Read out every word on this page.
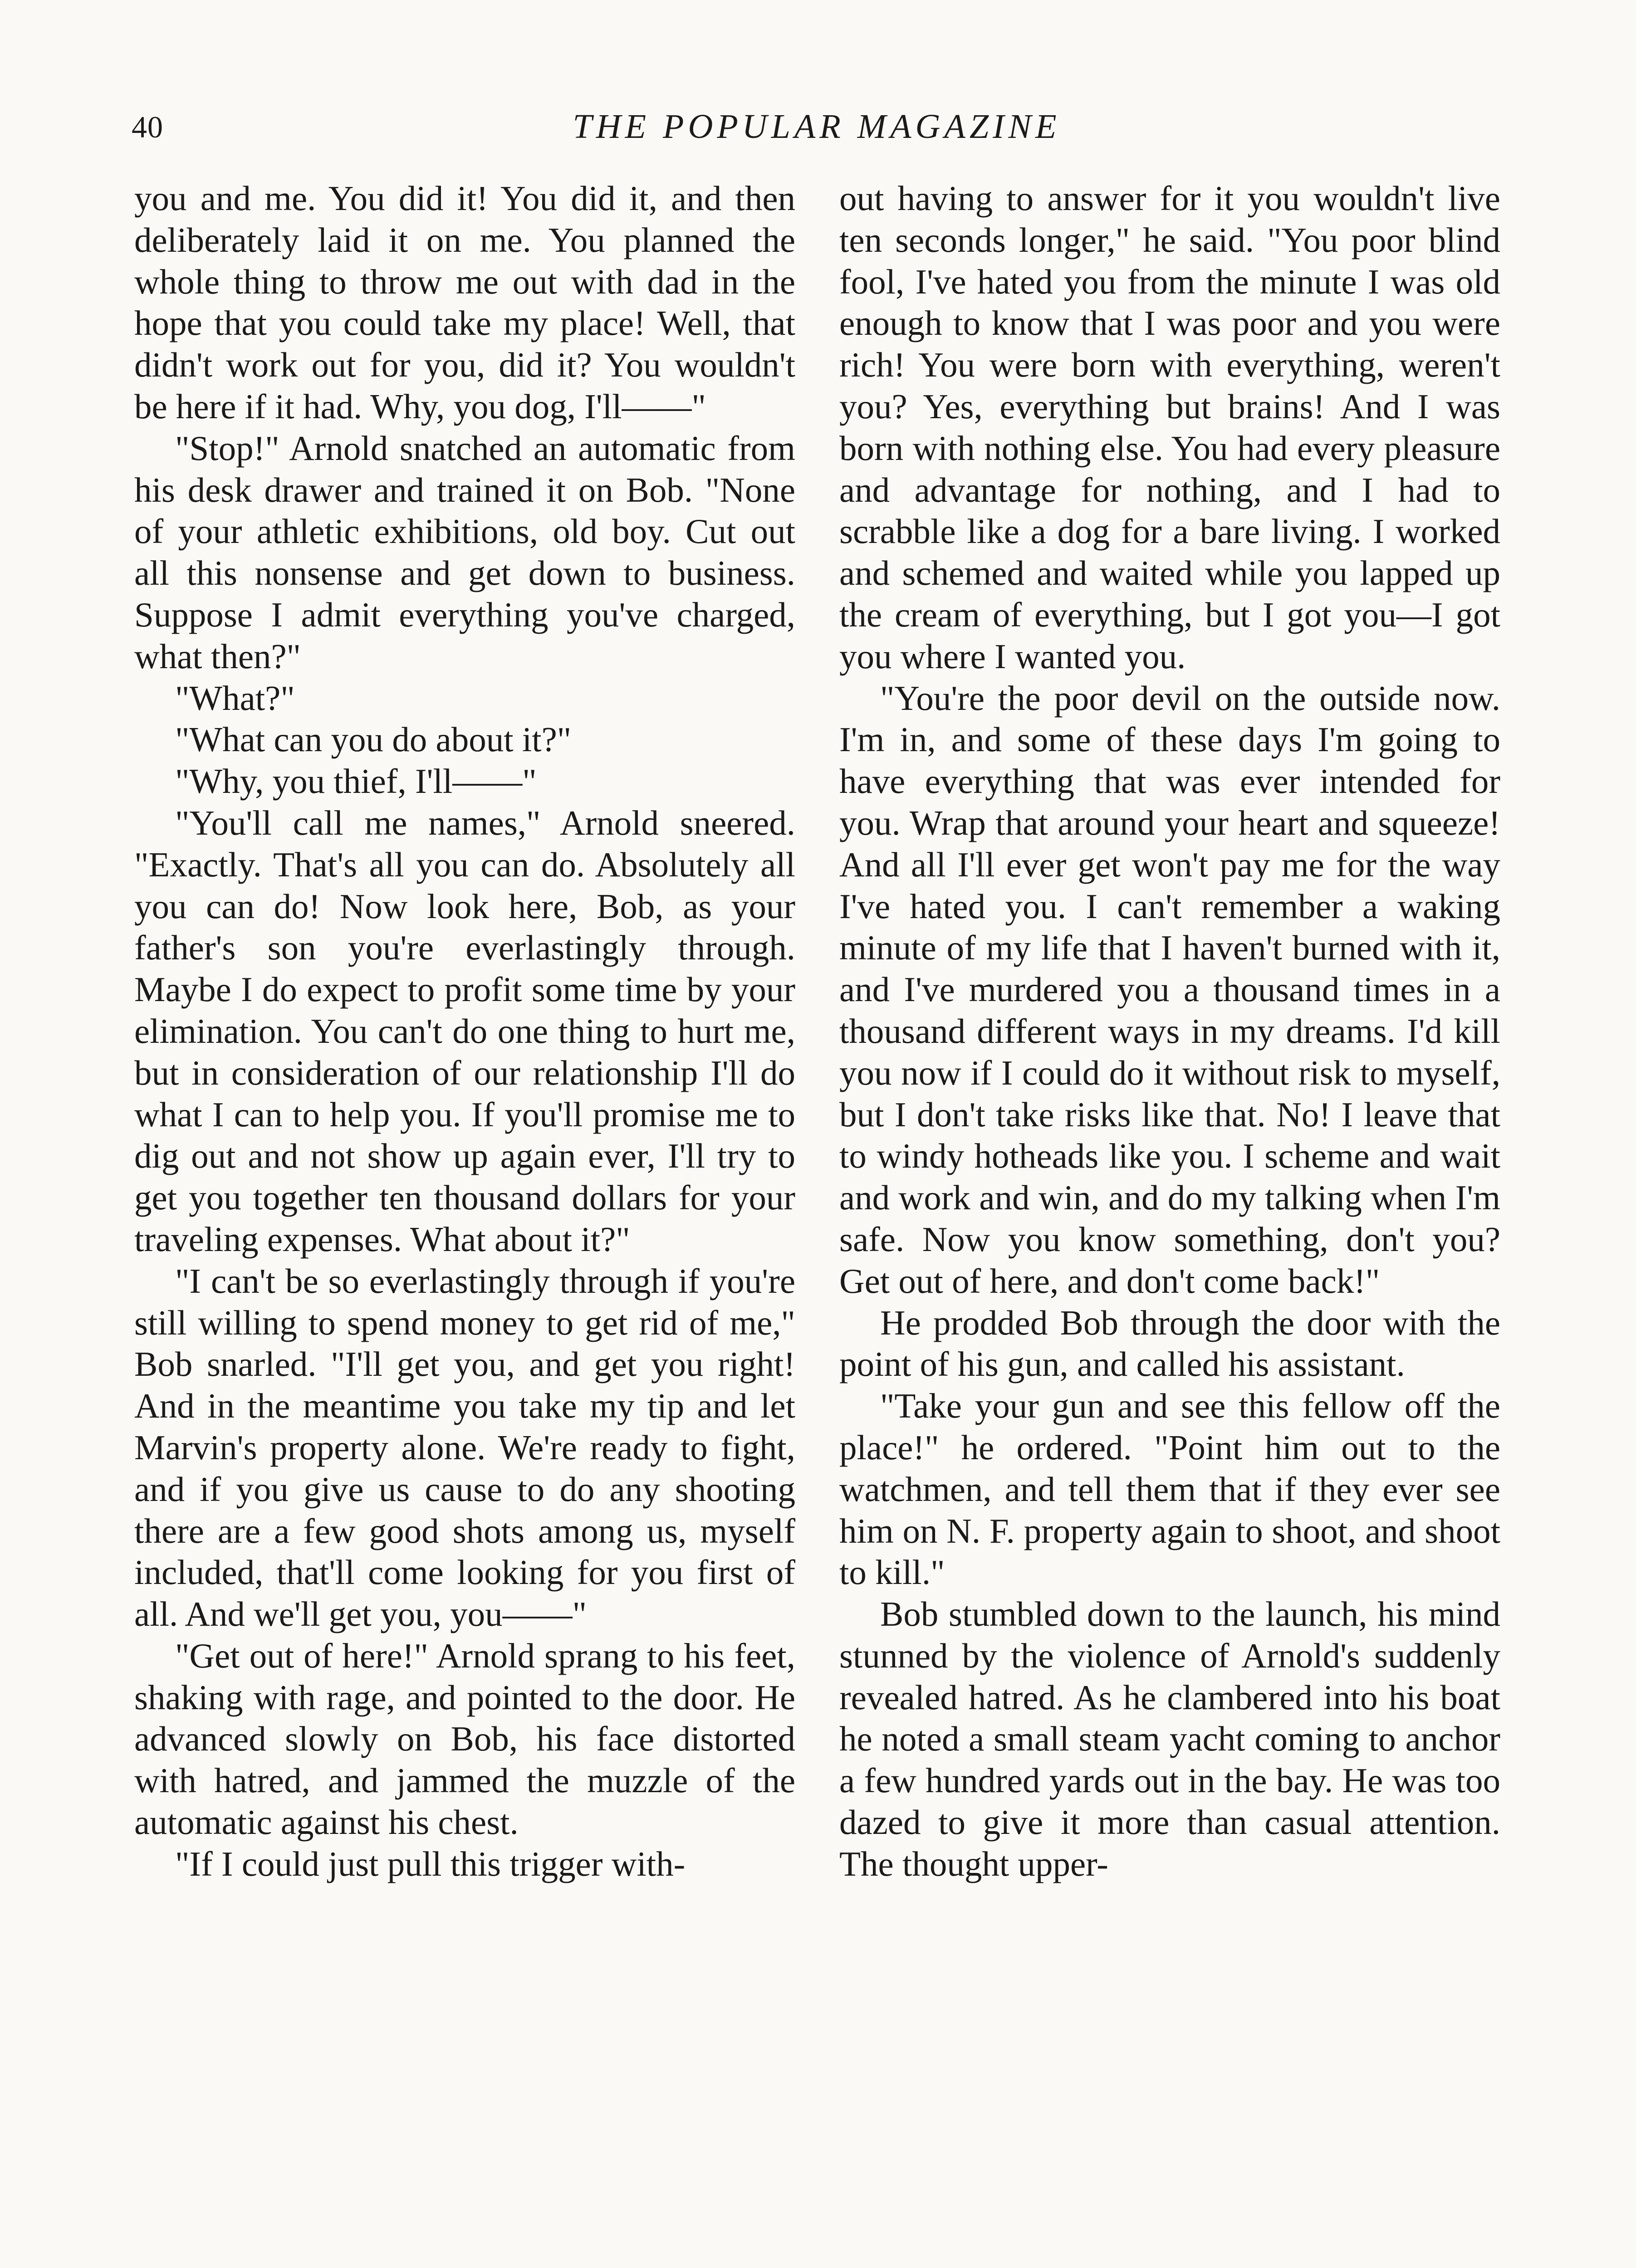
40	THE POPULAR MAGAZINE

you and me. You did it! You did it, and then deliberately laid it on me. You planned the whole thing to throw me out with dad in the hope that you could take my place! Well, that didn't work out for you, did it? You wouldn't be here if it had. Why, you dog, I'll——"

"Stop!" Arnold snatched an automatic from his desk drawer and trained it on Bob. "None of your athletic exhibitions, old boy. Cut out all this nonsense and get down to business. Suppose I admit everything you've charged, what then?"

"What?"

"What can you do about it?"

"Why, you thief, I'll——"

"You'll call me names," Arnold sneered. "Exactly. That's all you can do. Absolutely all you can do! Now look here, Bob, as your father's son you're everlastingly through. Maybe I do expect to profit some time by your elimination. You can't do one thing to hurt me, but in consideration of our relationship I'll do what I can to help you. If you'll promise me to dig out and not show up again ever, I'll try to get you together ten thousand dollars for your traveling expenses. What about it?"

"I can't be so everlastingly through if you're still willing to spend money to get rid of me," Bob snarled. "I'll get you, and get you right! And in the meantime you take my tip and let Marvin's property alone. We're ready to fight, and if you give us cause to do any shooting there are a few good shots among us, myself included, that'll come looking for you first of all. And we'll get you, you——"

"Get out of here!" Arnold sprang to his feet, shaking with rage, and pointed to the door. He advanced slowly on Bob, his face distorted with hatred, and jammed the muzzle of the automatic against his chest.

"If I could just pull this trigger with-

out having to answer for it you wouldn't live ten seconds longer," he said. "You poor blind fool, I've hated you from the minute I was old enough to know that I was poor and you were rich! You were born with everything, weren't you? Yes, everything but brains! And I was born with nothing else. You had every pleasure and advantage for nothing, and I had to scrabble like a dog for a bare living. I worked and schemed and waited while you lapped up the cream of everything, but I got you—I got you where I wanted you.

"You're the poor devil on the outside now. I'm in, and some of these days I'm going to have everything that was ever intended for you. Wrap that around your heart and squeeze! And all I'll ever get won't pay me for the way I've hated you. I can't remember a waking minute of my life that I haven't burned with it, and I've murdered you a thousand times in a thousand different ways in my dreams. I'd kill you now if I could do it without risk to myself, but I don't take risks like that. No! I leave that to windy hotheads like you. I scheme and wait and work and win, and do my talking when I'm safe. Now you know something, don't you? Get out of here, and don't come back!"

He prodded Bob through the door with the point of his gun, and called his assistant.

"Take your gun and see this fellow off the place!" he ordered. "Point him out to the watchmen, and tell them that if they ever see him on N. F. property again to shoot, and shoot to kill."

Bob stumbled down to the launch, his mind stunned by the violence of Arnold's suddenly revealed hatred. As he clambered into his boat he noted a small steam yacht coming to anchor a few hundred yards out in the bay. He was too dazed to give it more than casual attention. The thought upper-
